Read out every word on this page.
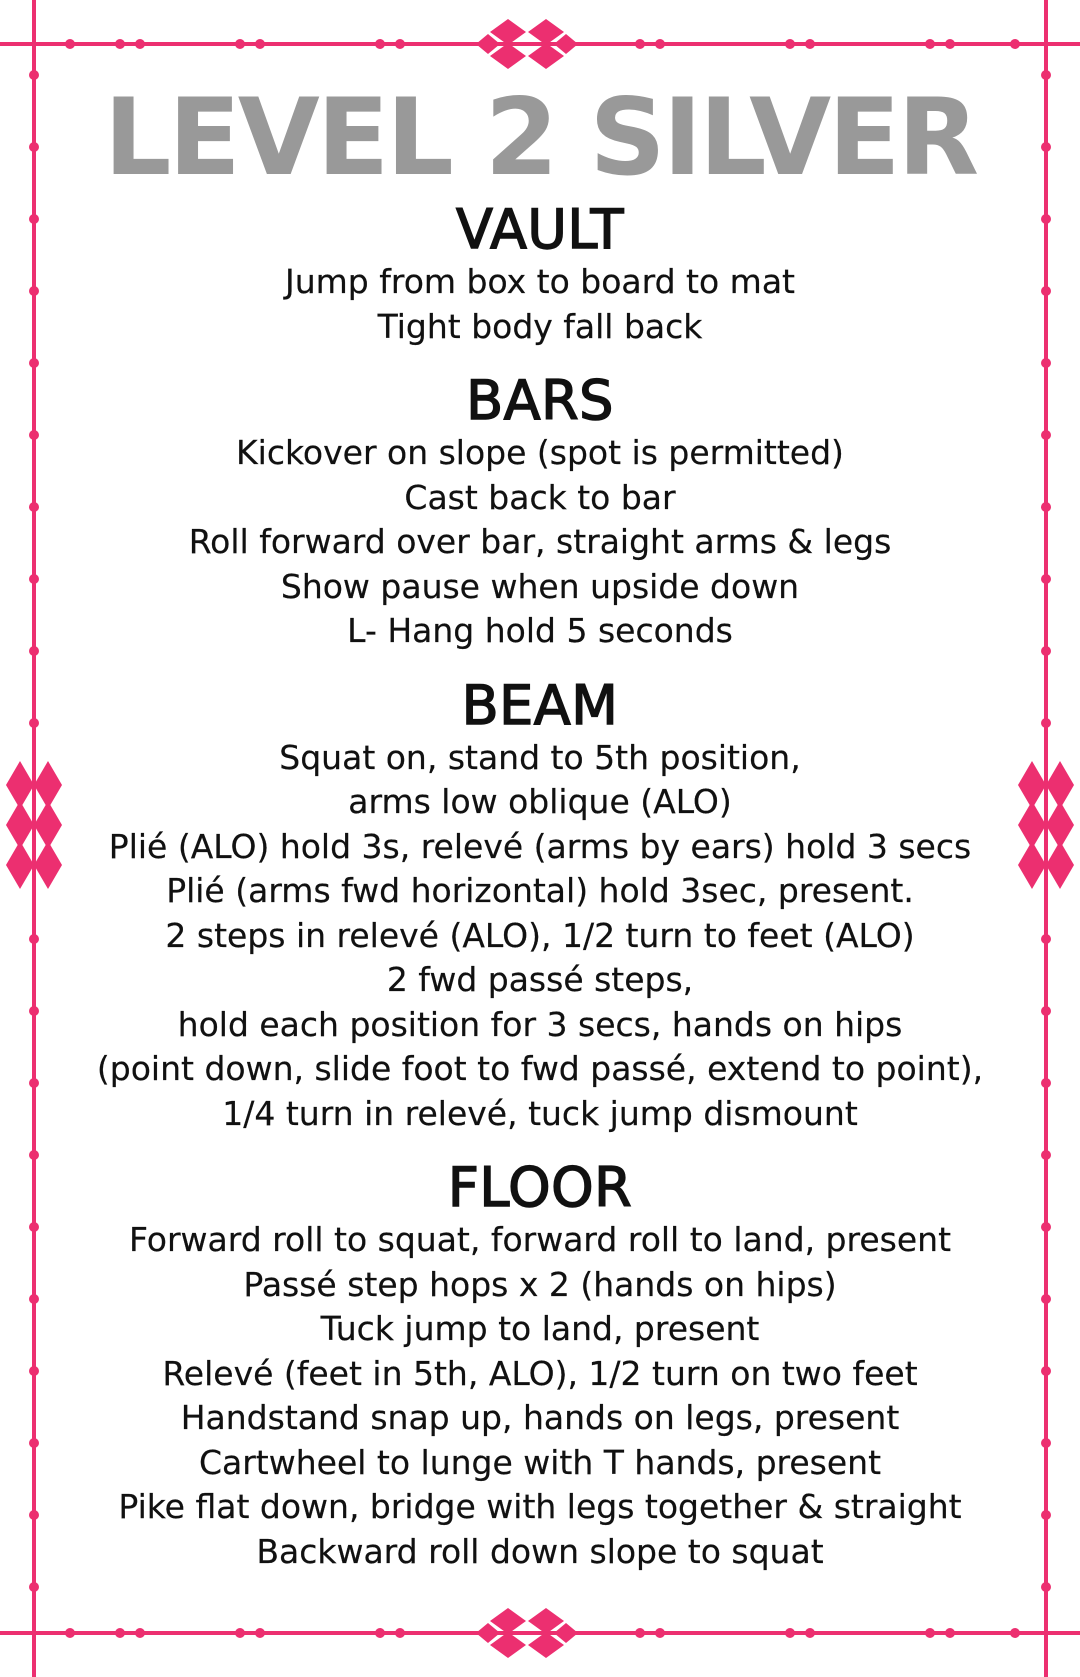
LEVEL 2 SILVER
VAULT
Jump from box to board to mat
Tight body fall back
BARS
Kickover on slope (spot is permitted)
Cast back to bar
Roll forward over bar, straight arms & legs
Show pause when upside down
L- Hang hold 5 seconds
BEAM
Squat on, stand to 5th position,
arms low oblique (ALO)
Plié (ALO) hold 3s, relevé (arms by ears) hold 3 secs
Plié (arms fwd horizontal) hold 3sec, present.
2 steps in relevé (ALO), 1/2 turn to feet (ALO)
2 fwd passé steps,
hold each position for 3 secs, hands on hips
(point down, slide foot to fwd passé, extend to point),
1/4 turn in relevé, tuck jump dismount
FLOOR
Forward roll to squat, forward roll to land, present
Passé step hops x 2 (hands on hips)
Tuck jump to land, present
Relevé (feet in 5th, ALO), 1/2 turn on two feet
Handstand snap up, hands on legs, present
Cartwheel to lunge with T hands, present
Pike flat down, bridge with legs together & straight
Backward roll down slope to squat
